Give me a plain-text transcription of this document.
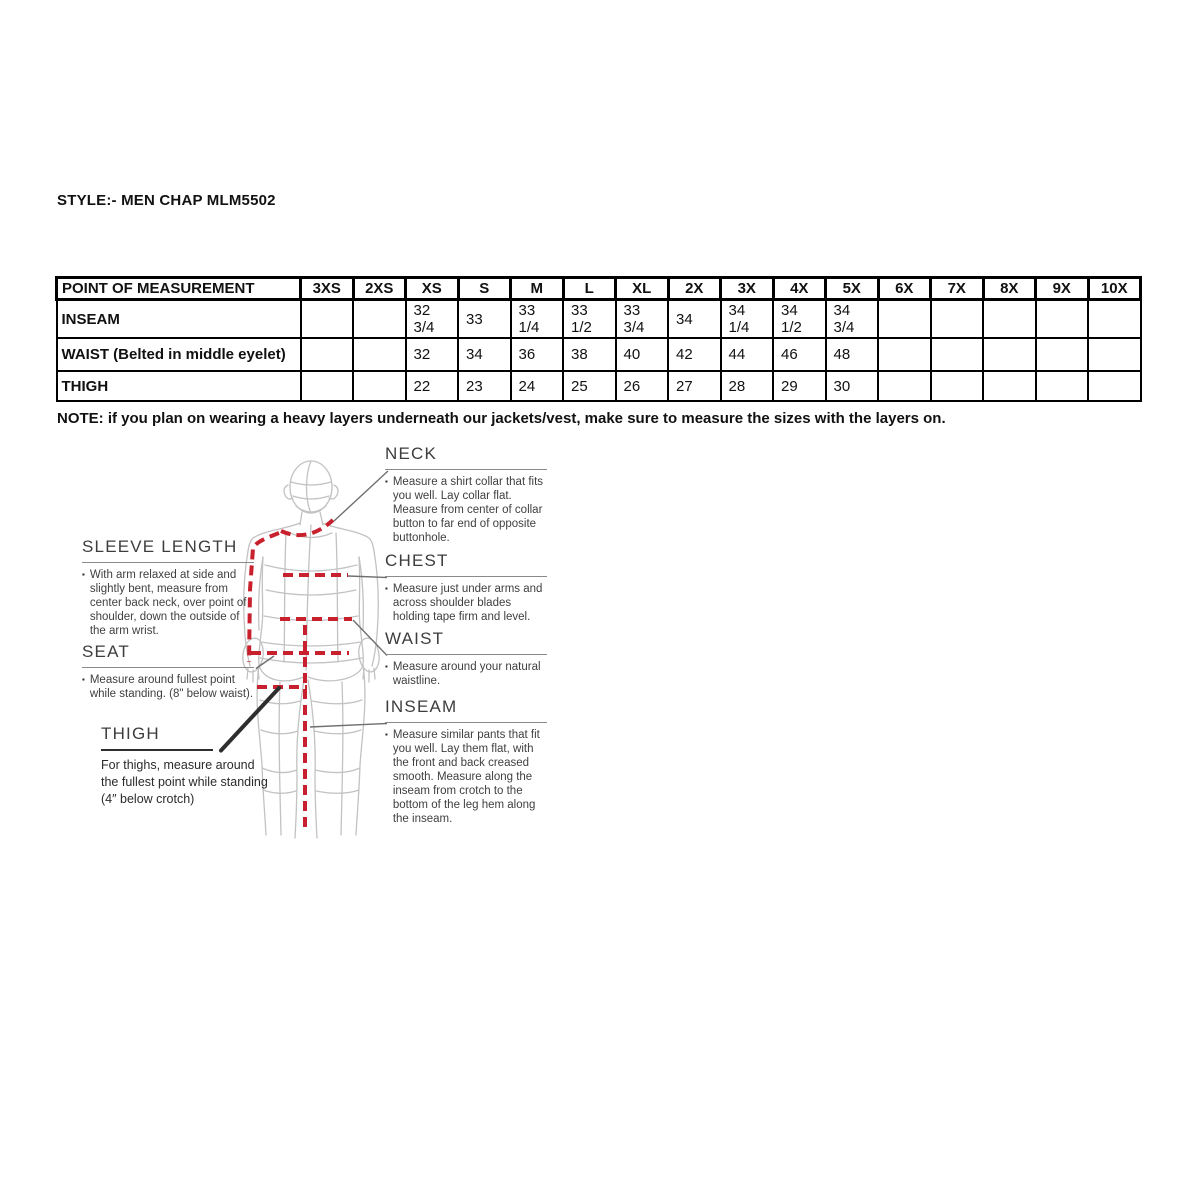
STYLE:- MEN CHAP MLM5502
POINT OF MEASUREMENT	3XS	2XS	XS	S	M	L	XL	2X	3X	4X	5X	6X	7X	8X	9X	10X
INSEAM			32 3/4	33	33 1/4	33 1/2	33 3/4	34	34 1/4	34 1/2	34 3/4					
WAIST (Belted in middle eyelet)			32	34	36	38	40	42	44	46	48					
THIGH			22	23	24	25	26	27	28	29	30					
NOTE: if you plan on wearing a heavy layers underneath our jackets/vest, make sure to measure the sizes with the layers on.
NECK
▪ Measure a shirt collar that fits you well. Lay collar flat. Measure from center of collar button to far end of opposite buttonhole.
CHEST
▪ Measure just under arms and across shoulder blades holding tape firm and level.
WAIST
▪ Measure around your natural waistline.
INSEAM
▪ Measure similar pants that fit you well. Lay them flat, with the front and back creased smooth. Measure along the inseam from crotch to the bottom of the leg hem along the inseam.
SLEEVE LENGTH
▪ With arm relaxed at side and slightly bent, measure from center back neck, over point of shoulder, down the outside of the arm wrist.
SEAT
▪ Measure around fullest point while standing. (8" below waist).
THIGH
For thighs, measure around the fullest point while standing (4″ below crotch)
